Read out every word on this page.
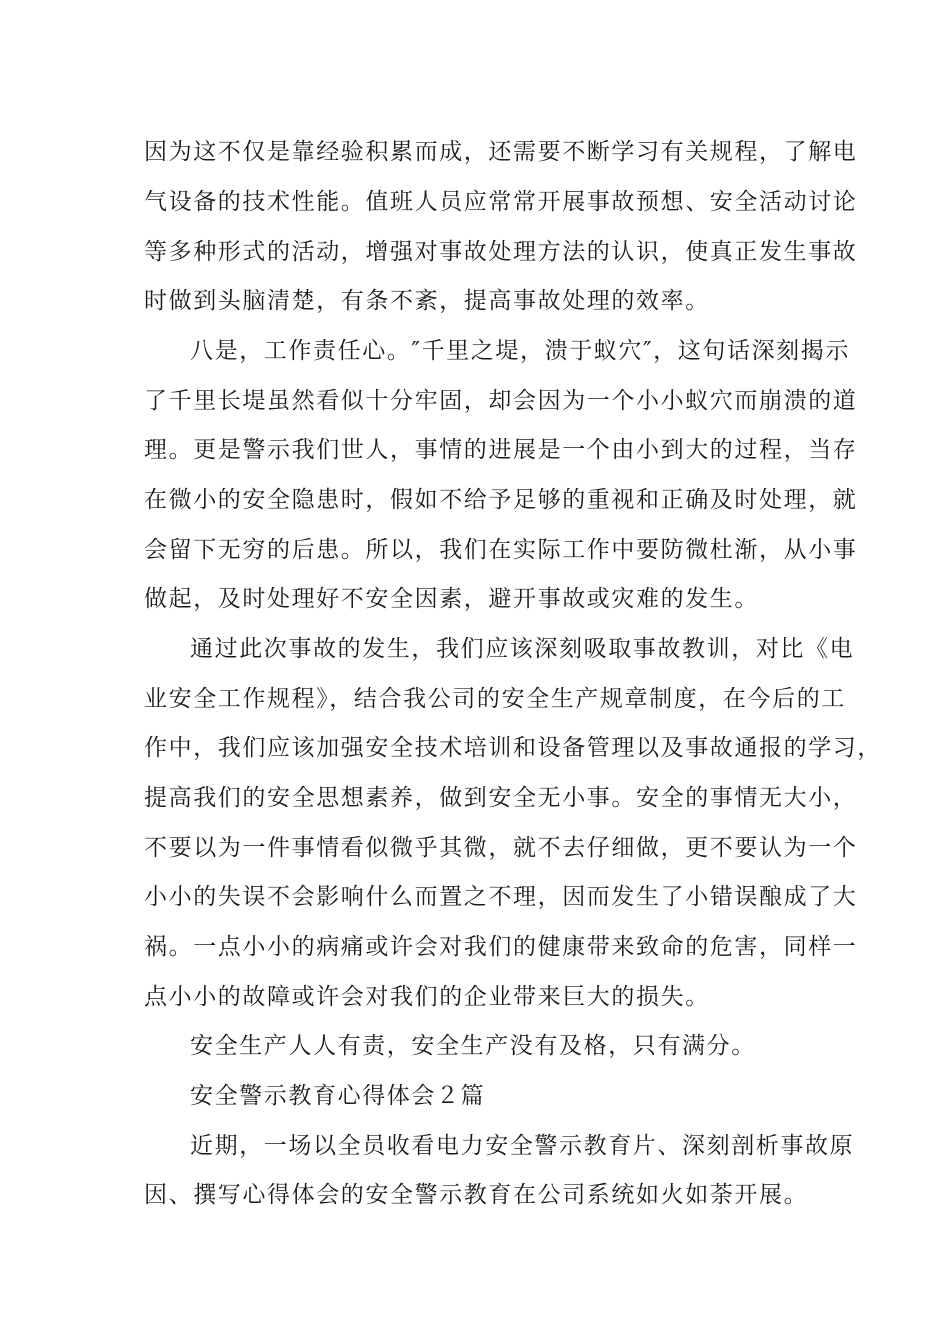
因为这不仅是靠经验积累而成，还需要不断学习有关规程，了解电
气设备的技术性能。值班人员应常常开展事故预想、安全活动讨论
等多种形式的活动，增强对事故处理方法的认识，使真正发生事故
时做到头脑清楚，有条不紊，提高事故处理的效率。
八是，工作责任心。″千里之堤，溃于蚁穴″，这句话深刻揭示
了千里长堤虽然看似十分牢固，却会因为一个小小蚁穴而崩溃的道
理。更是警示我们世人，事情的进展是一个由小到大的过程，当存
在微小的安全隐患时，假如不给予足够的重视和正确及时处理，就
会留下无穷的后患。所以，我们在实际工作中要防微杜渐，从小事
做起，及时处理好不安全因素，避开事故或灾难的发生。
通过此次事故的发生，我们应该深刻吸取事故教训，对比《电
业安全工作规程》，结合我公司的安全生产规章制度，在今后的工
作中，我们应该加强安全技术培训和设备管理以及事故通报的学习，
提高我们的安全思想素养，做到安全无小事。安全的事情无大小，
不要以为一件事情看似微乎其微，就不去仔细做，更不要认为一个
小小的失误不会影响什么而置之不理，因而发生了小错误酿成了大
祸。一点小小的病痛或许会对我们的健康带来致命的危害，同样一
点小小的故障或许会对我们的企业带来巨大的损失。
安全生产人人有责，安全生产没有及格，只有满分。
安全警示教育心得体会２篇
近期，一场以全员收看电力安全警示教育片、深刻剖析事故原
因、撰写心得体会的安全警示教育在公司系统如火如荼开展。
